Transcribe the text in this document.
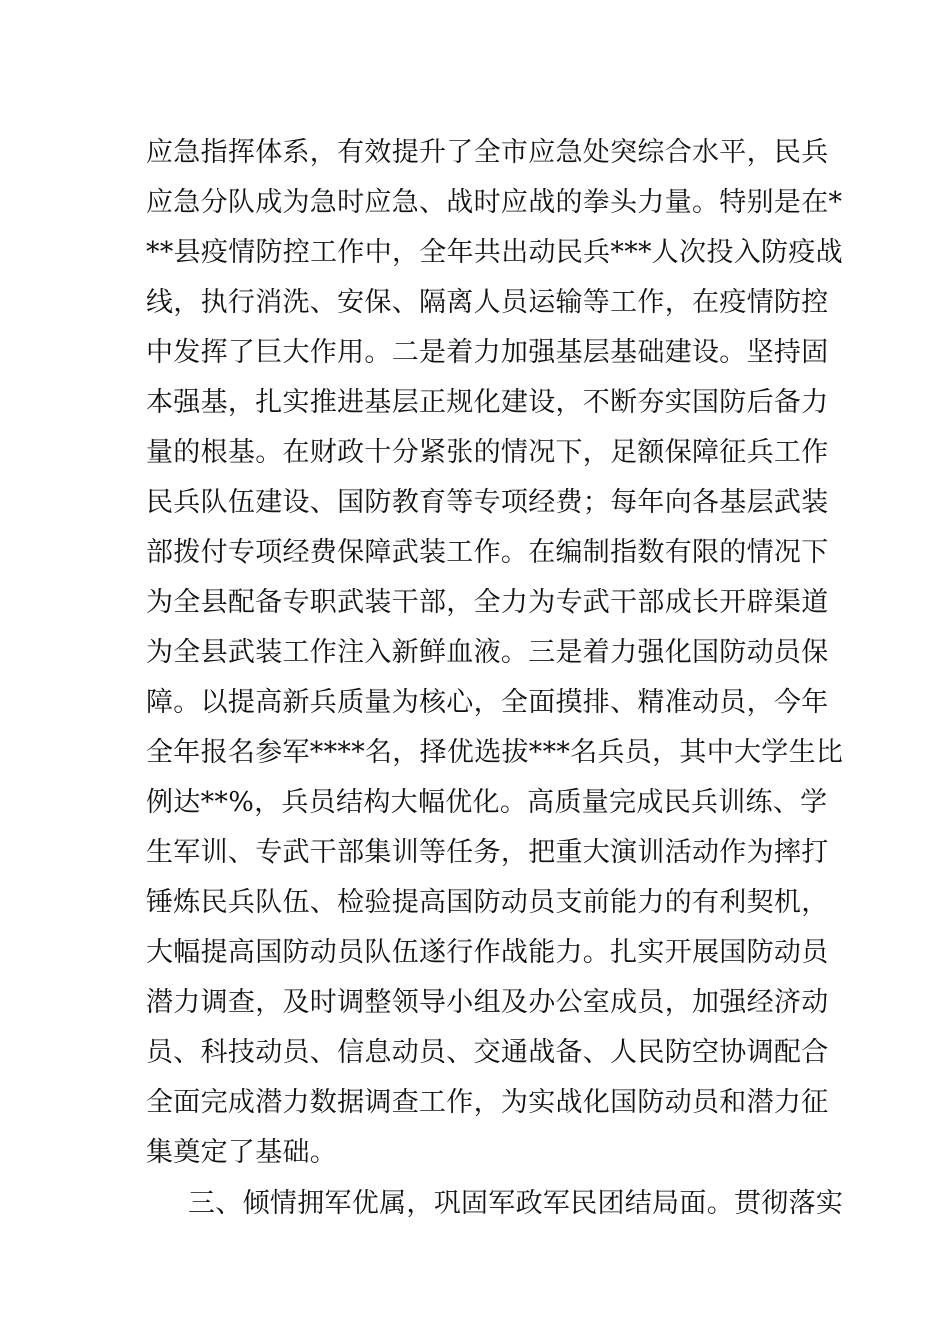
应急指挥体系，有效提升了全市应急处突综合水平，民兵
应急分队成为急时应急、战时应战的拳头力量。特别是在*
**县疫情防控工作中，全年共出动民兵***人次投入防疫战
线，执行消洗、安保、隔离人员运输等工作，在疫情防控
中发挥了巨大作用。二是着力加强基层基础建设。坚持固
本强基，扎实推进基层正规化建设，不断夯实国防后备力
量的根基。在财政十分紧张的情况下，足额保障征兵工作
民兵队伍建设、国防教育等专项经费；每年向各基层武装
部拨付专项经费保障武装工作。在编制指数有限的情况下
为全县配备专职武装干部，全力为专武干部成长开辟渠道
为全县武装工作注入新鲜血液。三是着力强化国防动员保
障。以提高新兵质量为核心，全面摸排、精准动员，今年
全年报名参军****名，择优选拔***名兵员，其中大学生比
例达**%，兵员结构大幅优化。高质量完成民兵训练、学
生军训、专武干部集训等任务，把重大演训活动作为摔打
锤炼民兵队伍、检验提高国防动员支前能力的有利契机，
大幅提高国防动员队伍遂行作战能力。扎实开展国防动员
潜力调查，及时调整领导小组及办公室成员，加强经济动
员、科技动员、信息动员、交通战备、人民防空协调配合
全面完成潜力数据调查工作，为实战化国防动员和潜力征
集奠定了基础。
三、倾情拥军优属，巩固军政军民团结局面。贯彻落实
